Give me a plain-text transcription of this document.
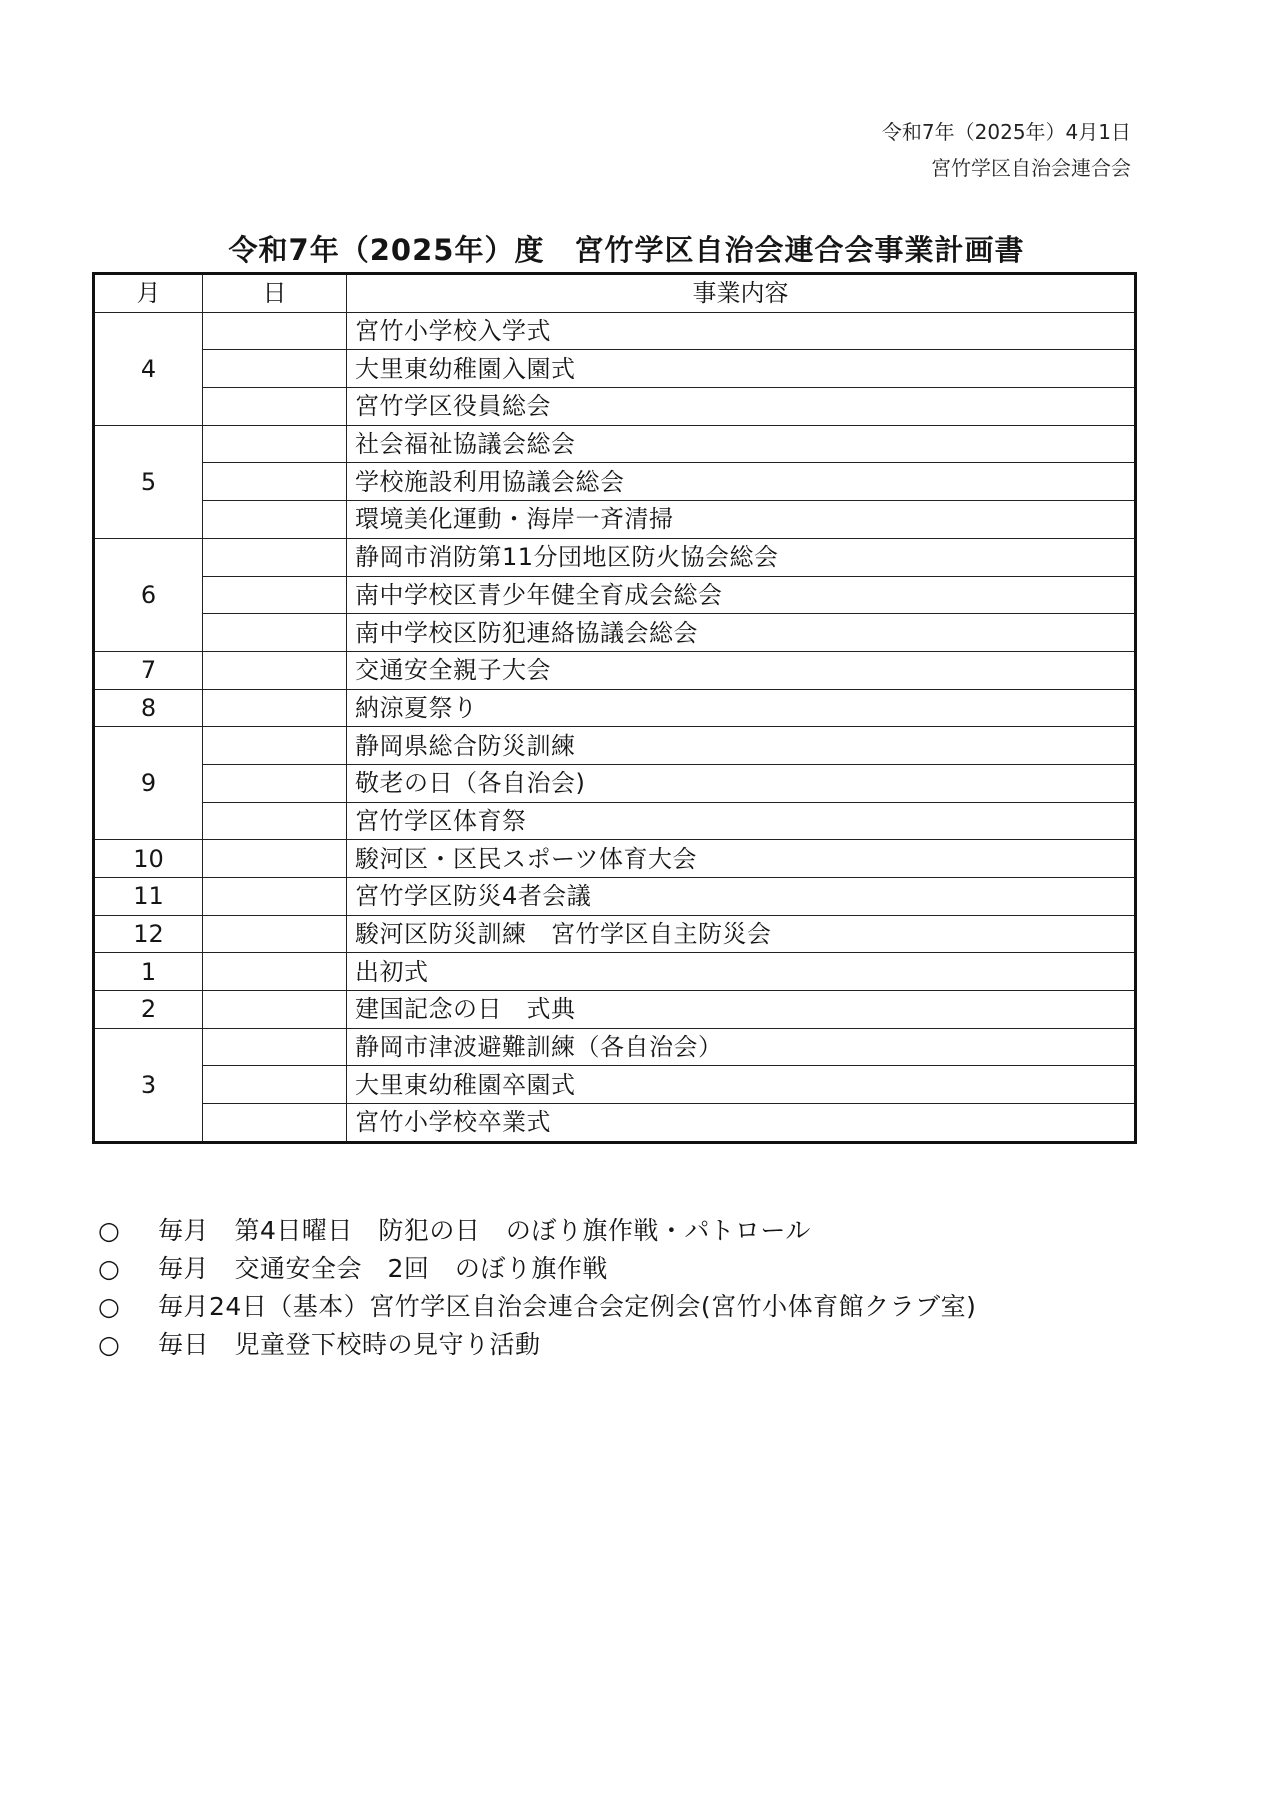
令和7年（2025年）4月1日
宮竹学区自治会連合会
令和7年（2025年）度　宮竹学区自治会連合会事業計画書
月	日	事業内容
4		宮竹小学校入学式
		大里東幼稚園入園式
		宮竹学区役員総会
5		社会福祉協議会総会
		学校施設利用協議会総会
		環境美化運動・海岸一斉清掃
6		静岡市消防第11分団地区防火協会総会
		南中学校区青少年健全育成会総会
		南中学校区防犯連絡協議会総会
7		交通安全親子大会
8		納涼夏祭り
9		静岡県総合防災訓練
		敬老の日（各自治会)
		宮竹学区体育祭
10		駿河区・区民スポーツ体育大会
11		宮竹学区防災4者会議
12		駿河区防災訓練　宮竹学区自主防災会
1		出初式
2		建国記念の日　式典
3		静岡市津波避難訓練（各自治会）
		大里東幼稚園卒園式
		宮竹小学校卒業式
○	毎月　第4日曜日　防犯の日　のぼり旗作戦・パトロール
○	毎月　交通安全会　2回　のぼり旗作戦
○	毎月24日（基本）宮竹学区自治会連合会定例会(宮竹小体育館クラブ室)
○	毎日　児童登下校時の見守り活動
